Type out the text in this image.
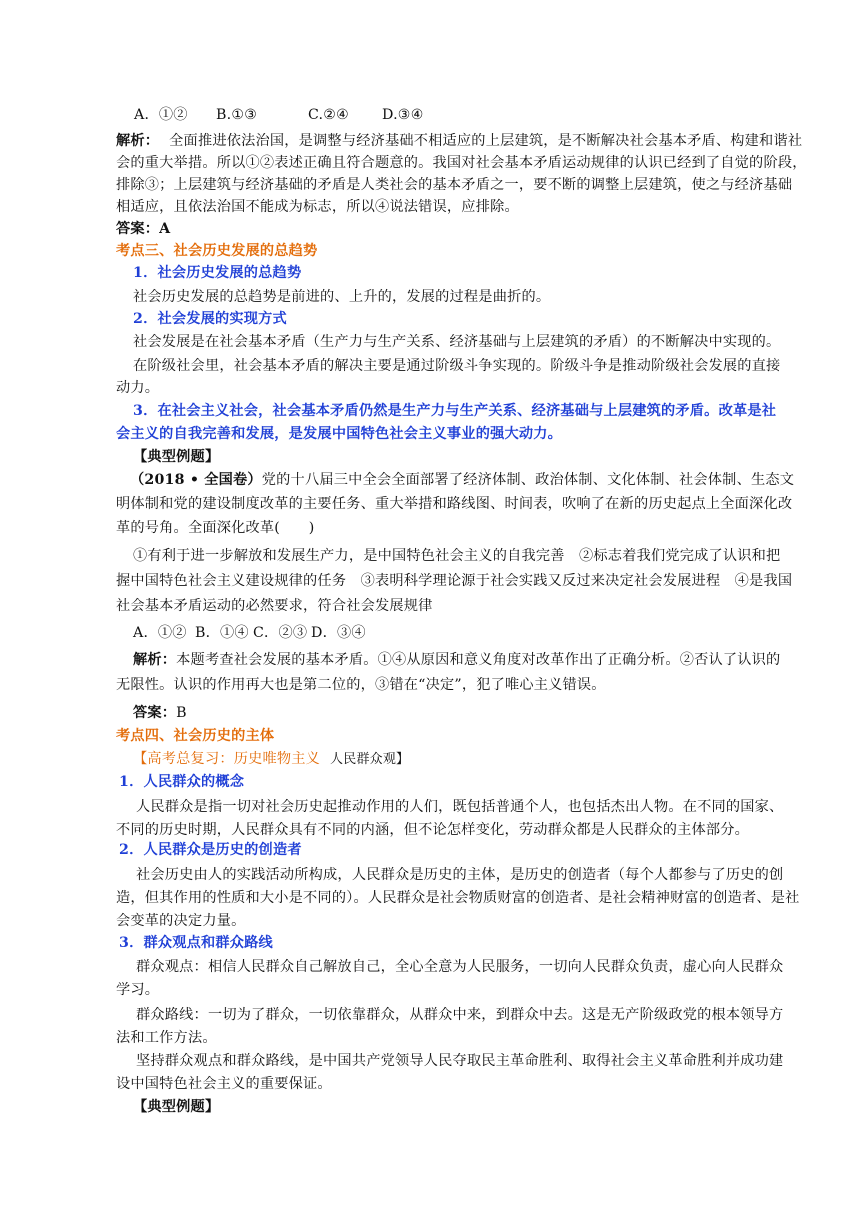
A．①② B.①③	C.②④ D.③④
解析： 全面推进依法治国，是调整与经济基础不相适应的上层建筑，是不断解决社会基本矛盾、构建和谐社
会的重大举措。所以①②表述正确且符合题意的。我国对社会基本矛盾运动规律的认识已经到了自觉的阶段，
排除③；上层建筑与经济基础的矛盾是人类社会的基本矛盾之一，要不断的调整上层建筑，使之与经济基础
相适应，且依法治国不能成为标志，所以④说法错误，应排除。
答案：A
考点三、社会历史发展的总趋势
1．社会历史发展的总趋势
社会历史发展的总趋势是前进的、上升的，发展的过程是曲折的。
2．社会发展的实现方式
社会发展是在社会基本矛盾（生产力与生产关系、经济基础与上层建筑的矛盾）的不断解决中实现的。
在阶级社会里，社会基本矛盾的解决主要是通过阶级斗争实现的。阶级斗争是推动阶级社会发展的直接
动力。
3．在社会主义社会，社会基本矛盾仍然是生产力与生产关系、经济基础与上层建筑的矛盾。改革是社
会主义的自我完善和发展，是发展中国特色社会主义事业的强大动力。
【典型例题】
（2018 • 全国卷）党的十八届三中全会全面部署了经济体制、政治体制、文化体制、社会体制、生态文
明体制和党的建设制度改革的主要任务、重大举措和路线图、时间表，吹响了在新的历史起点上全面深化改
革的号角。全面深化改革(　　)
①有利于进一步解放和发展生产力，是中国特色社会主义的自我完善　②标志着我们党完成了认识和把
握中国特色社会主义建设规律的任务　③表明科学理论源于社会实践又反过来决定社会发展进程　④是我国
社会基本矛盾运动的必然要求，符合社会发展规律
A．①② B．①④ C．②③ D．③④
解析：本题考查社会发展的基本矛盾。①④从原因和意义角度对改革作出了正确分析。②否认了认识的
无限性。认识的作用再大也是第二位的，③错在“决定”，犯了唯心主义错误。
答案：B
考点四、社会历史的主体
【高考总复习：历史唯物主义 人民群众观】
1．人民群众的概念
人民群众是指一切对社会历史起推动作用的人们，既包括普通个人，也包括杰出人物。在不同的国家、
不同的历史时期，人民群众具有不同的内涵，但不论怎样变化，劳动群众都是人民群众的主体部分。
2．人民群众是历史的创造者
社会历史由人的实践活动所构成，人民群众是历史的主体，是历史的创造者（每个人都参与了历史的创
造，但其作用的性质和大小是不同的）。人民群众是社会物质财富的创造者、是社会精神财富的创造者、是社
会变革的决定力量。
3．群众观点和群众路线
群众观点：相信人民群众自己解放自己，全心全意为人民服务，一切向人民群众负责，虚心向人民群众
学习。
群众路线：一切为了群众，一切依靠群众，从群众中来，到群众中去。这是无产阶级政党的根本领导方
法和工作方法。
坚持群众观点和群众路线，是中国共产党领导人民夺取民主革命胜利、取得社会主义革命胜利并成功建
设中国特色社会主义的重要保证。
【典型例题】
